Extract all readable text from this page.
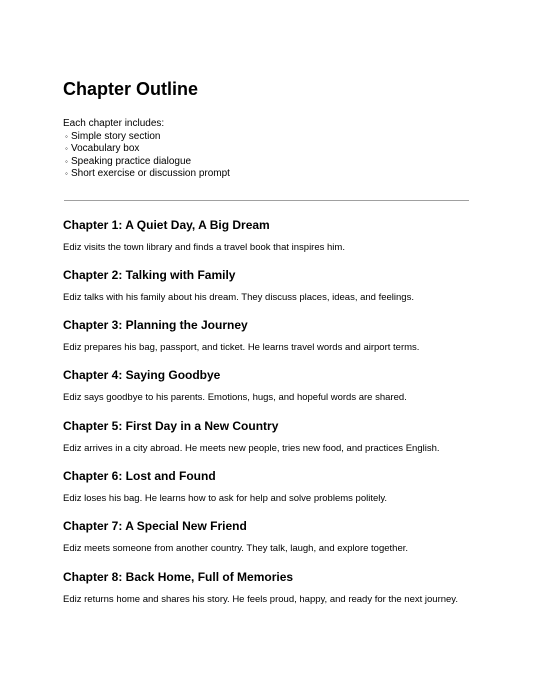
Chapter Outline
Each chapter includes:
◦ Simple story section
◦ Vocabulary box
◦ Speaking practice dialogue
◦ Short exercise or discussion prompt
Chapter 1: A Quiet Day, A Big Dream

Ediz visits the town library and finds a travel book that inspires him.

Chapter 2: Talking with Family

Ediz talks with his family about his dream. They discuss places, ideas, and feelings.

Chapter 3: Planning the Journey

Ediz prepares his bag, passport, and ticket. He learns travel words and airport terms.

Chapter 4: Saying Goodbye

Ediz says goodbye to his parents. Emotions, hugs, and hopeful words are shared.

Chapter 5: First Day in a New Country

Ediz arrives in a city abroad. He meets new people, tries new food, and practices English.

Chapter 6: Lost and Found

Ediz loses his bag. He learns how to ask for help and solve problems politely.

Chapter 7: A Special New Friend

Ediz meets someone from another country. They talk, laugh, and explore together.

Chapter 8: Back Home, Full of Memories

Ediz returns home and shares his story. He feels proud, happy, and ready for the next journey.
